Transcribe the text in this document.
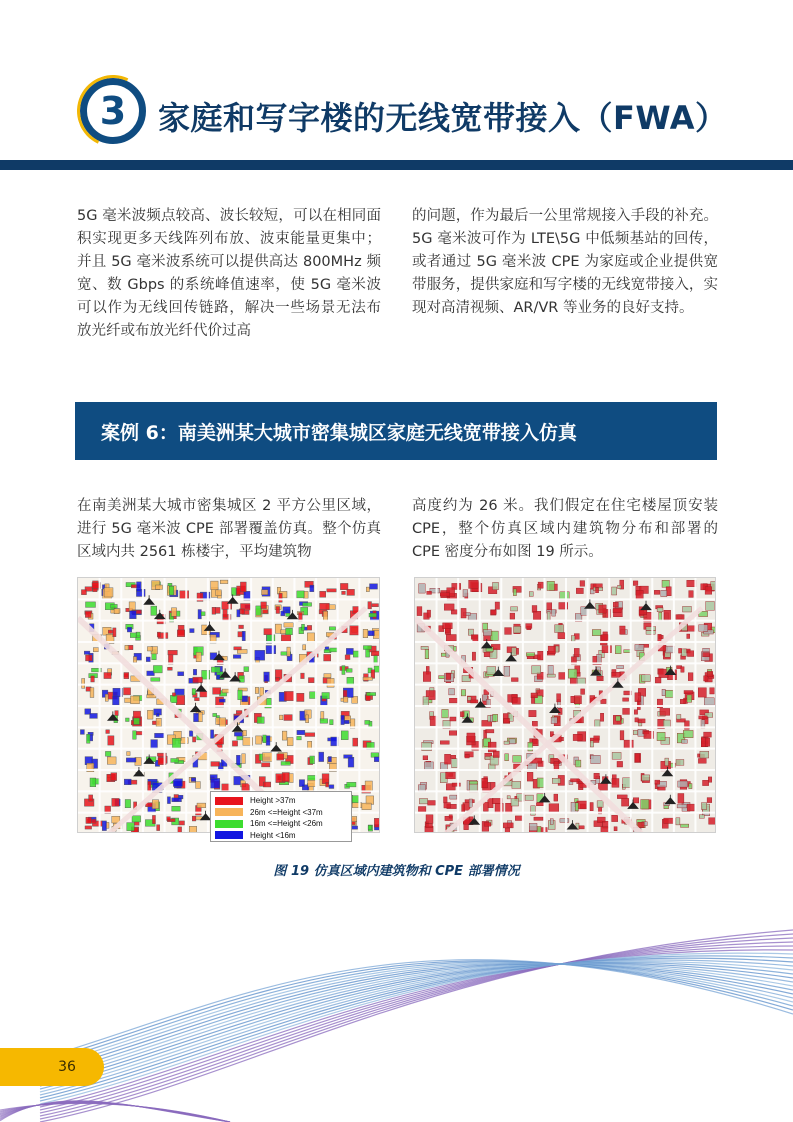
3 家庭和写字楼的无线宽带接入（FWA）

5G 毫米波频点较高、波长较短，可以在相同面积实现更多天线阵列布放、波束能量更集中；并且 5G 毫米波系统可以提供高达 800MHz 频宽、数 Gbps 的系统峰值速率，使 5G 毫米波可以作为无线回传链路，解决一些场景无法布放光纤或布放光纤代价过高

的问题，作为最后一公里常规接入手段的补充。5G 毫米波可作为 LTE\5G 中低频基站的回传，或者通过 5G 毫米波 CPE 为家庭或企业提供宽带服务，提供家庭和写字楼的无线宽带接入，实现对高清视频、AR/VR 等业务的良好支持。

案例 6：南美洲某大城市密集城区家庭无线宽带接入仿真

在南美洲某大城市密集城区 2 平方公里区域，进行 5G 毫米波 CPE 部署覆盖仿真。整个仿真区域内共 2561 栋楼宇，平均建筑物

高度约为 26 米。我们假定在住宅楼屋顶安装 CPE，整个仿真区域内建筑物分布和部署的 CPE 密度分布如图 19 所示。

Height >37m
26m <=Height <37m
16m <=Height <26m
Height <16m
图 19 仿真区域内建筑物和 CPE 部署情况
36
